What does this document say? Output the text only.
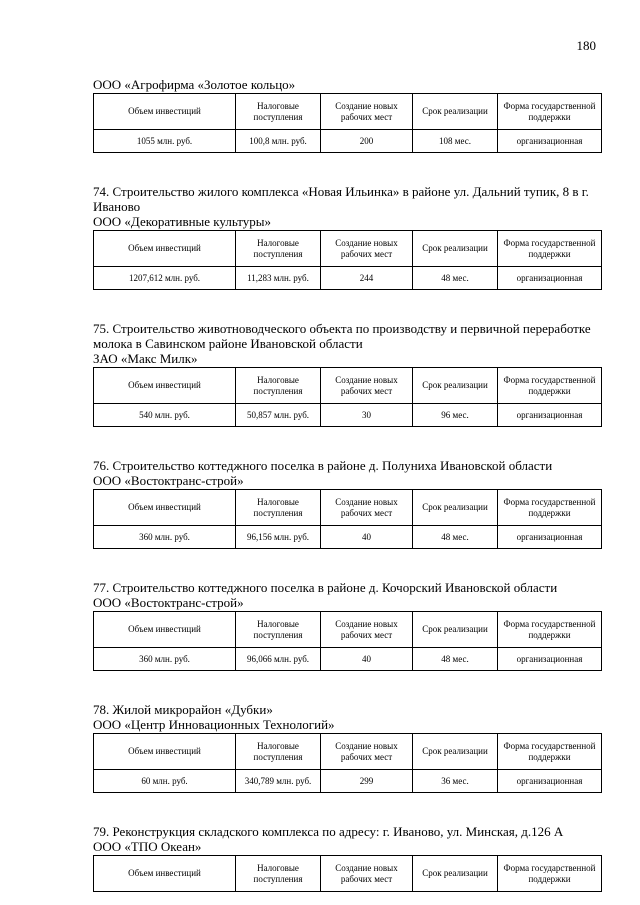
180

ООО «Агрофирма «Золотое кольцо»

Объем инвестиций	Налоговые поступления	Создание новых рабочих мест	Срок реализации	Форма государственной поддержки
1055 млн. руб.	100,8 млн. руб.	200	108 мес.	организационная

74. Строительство жилого комплекса «Новая Ильинка» в районе ул. Дальний тупик, 8 в г. Иваново

ООО «Декоративные культуры»

Объем инвестиций	Налоговые поступления	Создание новых рабочих мест	Срок реализации	Форма государственной поддержки
1207,612 млн. руб.	11,283 млн. руб.	244	48 мес.	организационная

75. Строительство животноводческого объекта по производству и первичной переработке молока в Савинском районе Ивановской области

ЗАО «Макс Милк»

Объем инвестиций	Налоговые поступления	Создание новых рабочих мест	Срок реализации	Форма государственной поддержки
540 млн. руб.	50,857 млн. руб.	30	96 мес.	организационная

76. Строительство коттеджного поселка в районе д. Полуниха Ивановской области

ООО «Востоктранс-строй»

Объем инвестиций	Налоговые поступления	Создание новых рабочих мест	Срок реализации	Форма государственной поддержки
360 млн. руб.	96,156 млн. руб.	40	48 мес.	организационная

77. Строительство коттеджного поселка в районе д. Кочорский Ивановской области

ООО «Востоктранс-строй»

Объем инвестиций	Налоговые поступления	Создание новых рабочих мест	Срок реализации	Форма государственной поддержки
360 млн. руб.	96,066 млн. руб.	40	48 мес.	организационная

78. Жилой микрорайон «Дубки»

ООО «Центр Инновационных Технологий»

Объем инвестиций	Налоговые поступления	Создание новых рабочих мест	Срок реализации	Форма государственной поддержки
60 млн. руб.	340,789 млн. руб.	299	36 мес.	организационная

79. Реконструкция складского комплекса по адресу: г. Иваново, ул. Минская, д.126 А

ООО «ТПО Океан»

Объем инвестиций	Налоговые поступления	Создание новых рабочих мест	Срок реализации	Форма государственной поддержки
